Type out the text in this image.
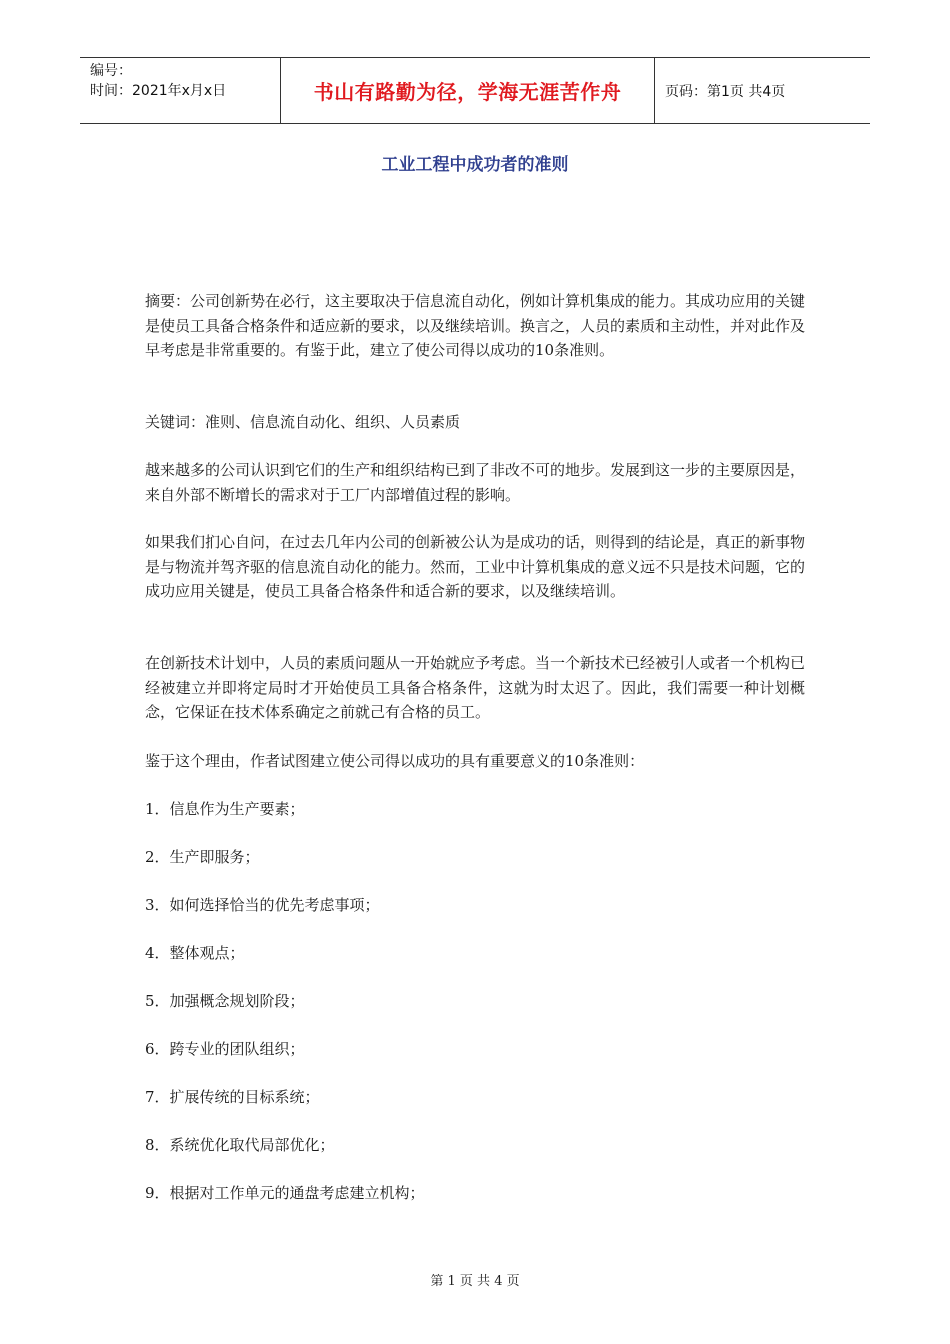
编号：
时间：2021年x月x日	书山有路勤为径，学海无涯苦作舟	页码：第1页 共4页
工业工程中成功者的准则

摘要：公司创新势在必行，这主要取决于信息流自动化，例如计算机集成的能力。其成功应用的关键是使员工具备合格条件和适应新的要求，以及继续培训。换言之，人员的素质和主动性，并对此作及早考虑是非常重要的。有鉴于此，建立了使公司得以成功的10条准则。

关键词：准则、信息流自动化、组织、人员素质

越来越多的公司认识到它们的生产和组织结构已到了非改不可的地步。发展到这一步的主要原因是，来自外部不断增长的需求对于工厂内部增值过程的影响。

如果我们扪心自问，在过去几年内公司的创新被公认为是成功的话，则得到的结论是，真正的新事物是与物流并驾齐驱的信息流自动化的能力。然而，工业中计算机集成的意义远不只是技术问题，它的成功应用关键是，使员工具备合格条件和适合新的要求，以及继续培训。

在创新技术计划中，人员的素质问题从一开始就应予考虑。当一个新技术已经被引人或者一个机构已经被建立并即将定局时才开始使员工具备合格条件，这就为时太迟了。因此，我们需要一种计划概念，它保证在技术体系确定之前就己有合格的员工。

鉴于这个理由，作者试图建立使公司得以成功的具有重要意义的10条准则：

1．信息作为生产要素；

2．生产即服务；

3．如何选择恰当的优先考虑事项；

4．整体观点；

5．加强概念规划阶段；

6．跨专业的团队组织；

7．扩展传统的目标系统；

8．系统优化取代局部优化；

9．根据对工作单元的通盘考虑建立机构；

第 1 页 共 4 页
